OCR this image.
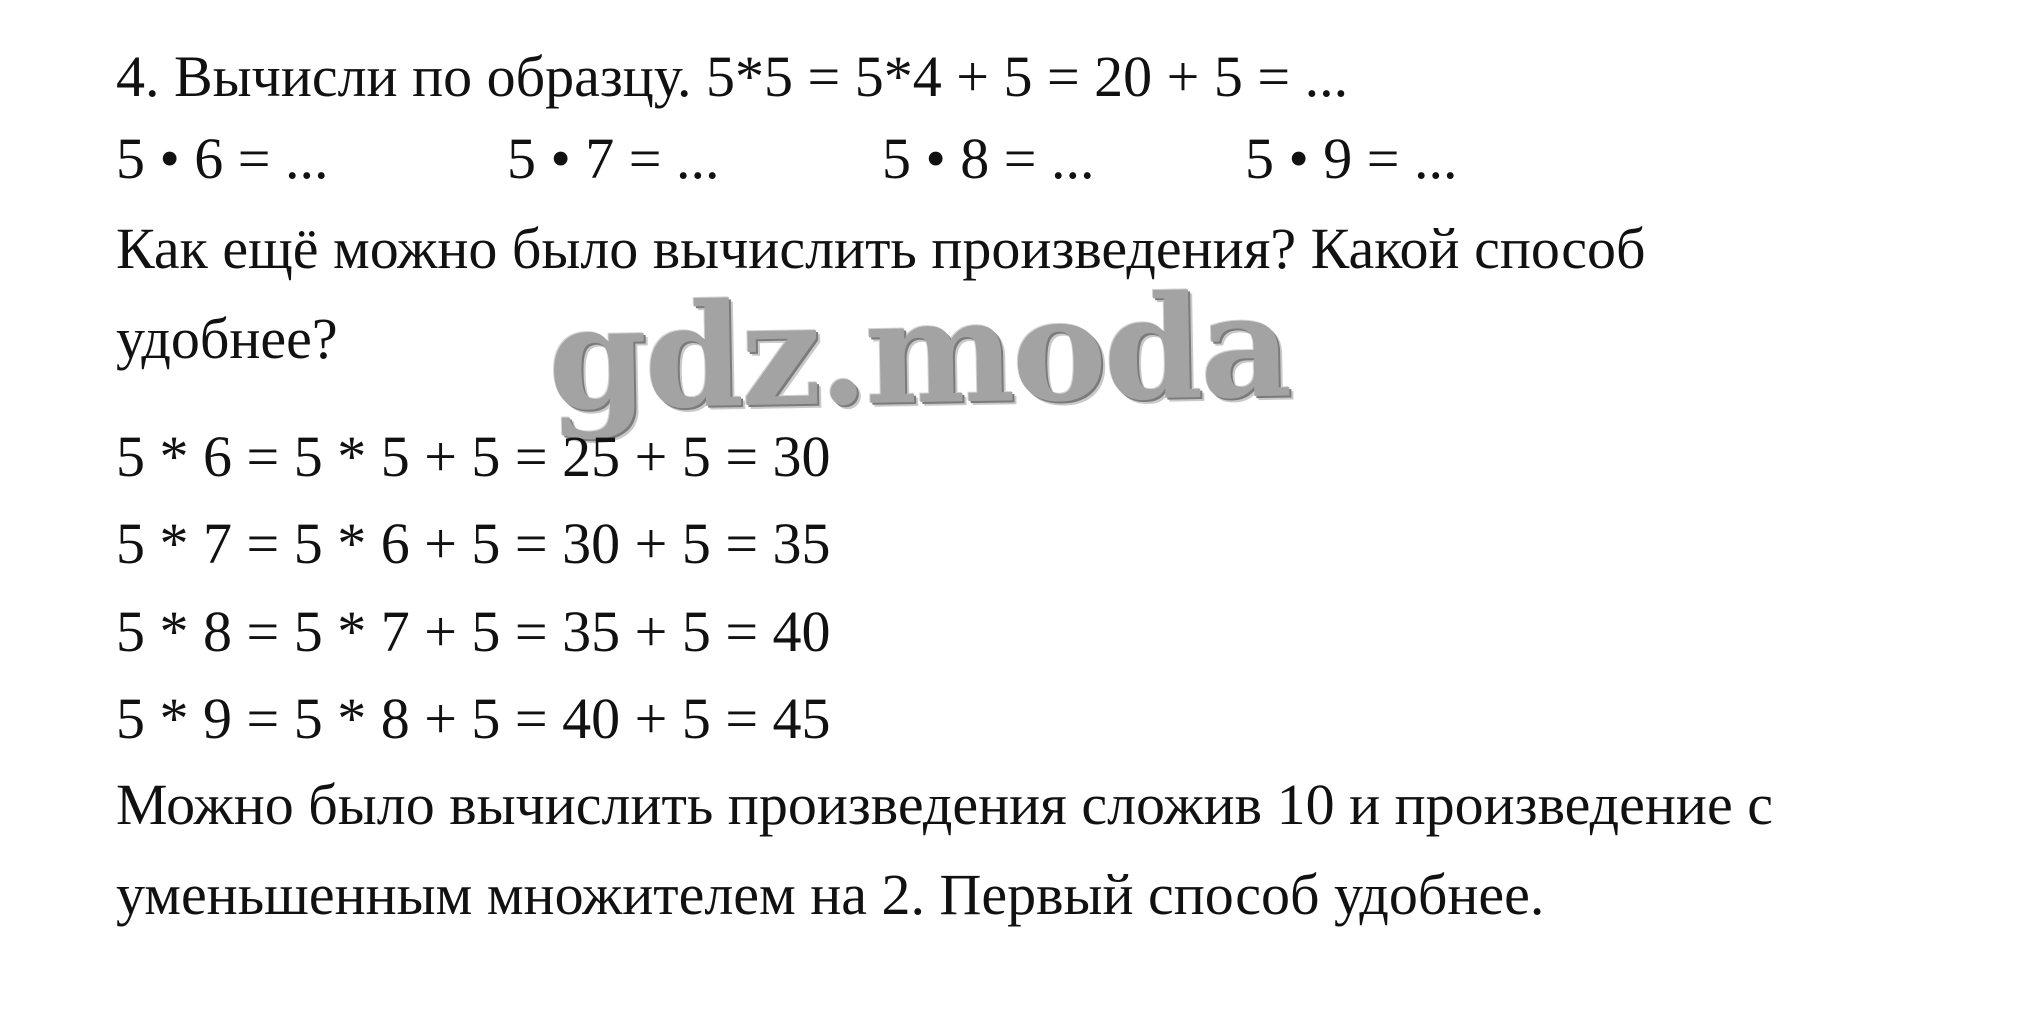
4. Вычисли по образцу. 5*5 = 5*4 + 5 = 20 + 5 = ...
5 • 6 = ...	5 • 7 = ...	5 • 8 = ...	5 • 9 = ...
Как ещё можно было вычислить произведения? Какой способ
удобнее? gdz.moda
5 * 6 = 5 * 5 + 5 = 25 + 5 = 30
5 * 7 = 5 * 6 + 5 = 30 + 5 = 35
5 * 8 = 5 * 7 + 5 = 35 + 5 = 40
5 * 9 = 5 * 8 + 5 = 40 + 5 = 45
Можно было вычислить произведения сложив 10 и произведение с
уменьшенным множителем на 2. Первый способ удобнее.
